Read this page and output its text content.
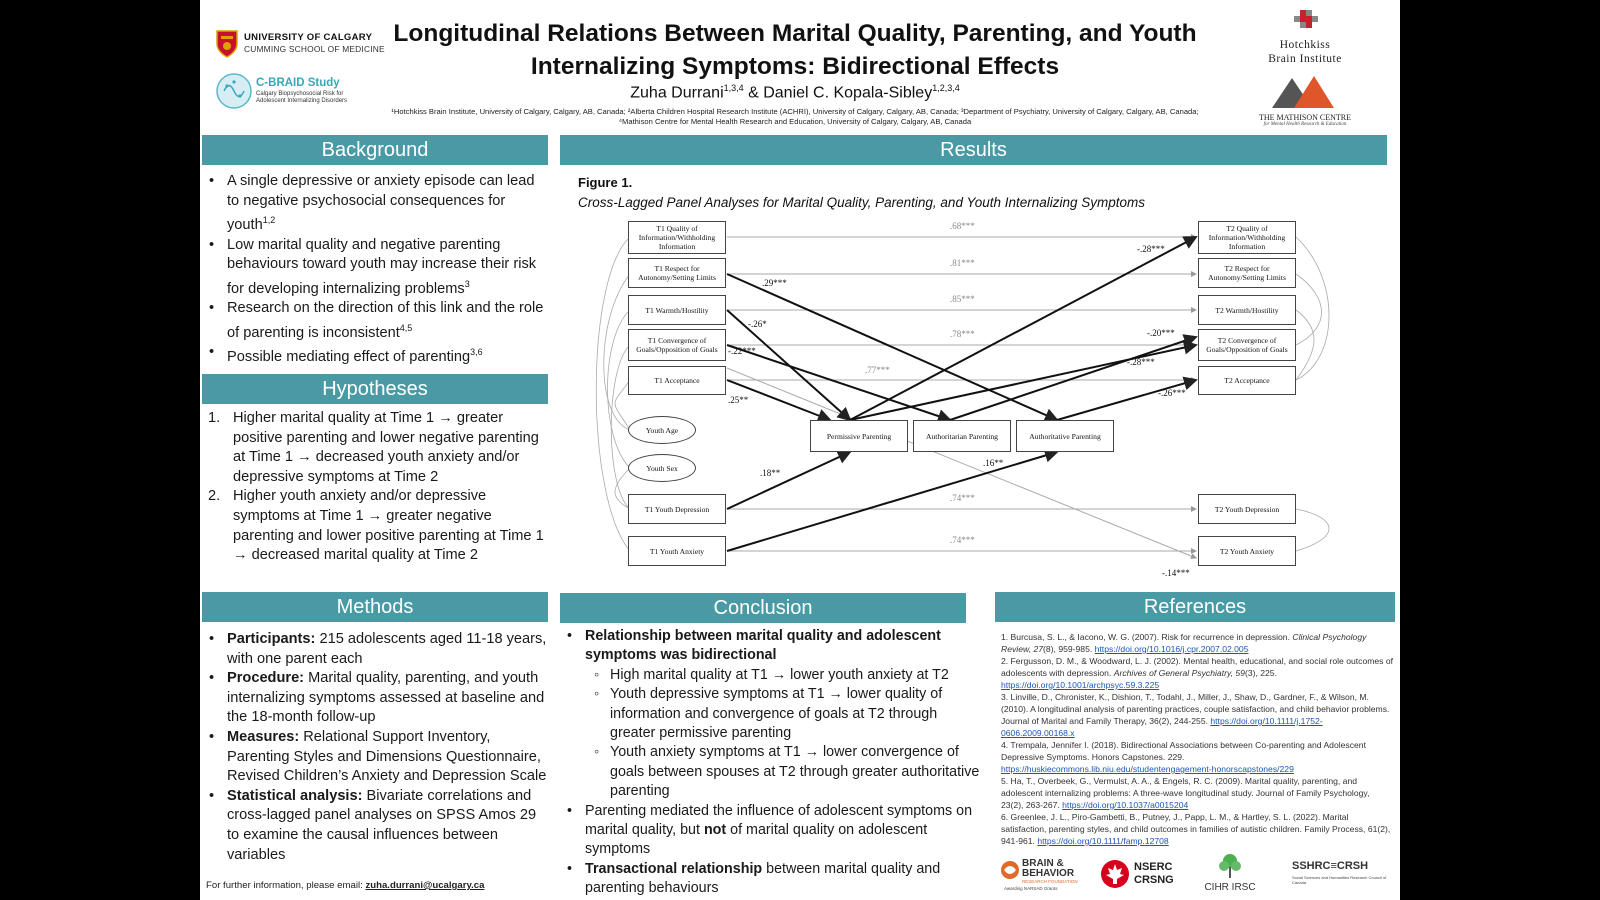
UNIVERSITY OF CALGARY
CUMMING SCHOOL OF MEDICINE
C-BRAID Study
Calgary Biopsychosocial Risk for
Adolescent Internalizing Disorders
Longitudinal Relations Between Marital Quality, Parenting, and Youth
Internalizing Symptoms: Bidirectional Effects
Zuha Durrani$^{1,3,4}$ & Daniel C. Kopala-Sibley$^{1,2,3,4}$
¹Hotchkiss Brain Institute, University of Calgary, Calgary, AB, Canada; ²Alberta Children Hospital Research Institute (ACHRI), University of Calgary, Calgary, AB, Canada; ³Department of Psychiatry, University of Calgary, Calgary, AB, Canada;
⁴Mathison Centre for Mental Health Research and Education, University of Calgary, Calgary, AB, Canada
Hotchkiss
Brain Institute
THE MATHISON CENTRE
for Mental Health Research & Education
Background
• A single depressive or anxiety episode can lead to negative psychosocial consequences for youth$^{1,2}$
• Low marital quality and negative parenting behaviours toward youth may increase their risk for developing internalizing problems$^3$
• Research on the direction of this link and the role of parenting is inconsistent$^{4,5}$
• Possible mediating effect of parenting$^{3,6}$
Hypotheses
1. Higher marital quality at Time 1 → greater positive parenting and lower negative parenting at Time 1 → decreased youth anxiety and/or depressive symptoms at Time 2
2. Higher youth anxiety and/or depressive symptoms at Time 1 → greater negative parenting and lower positive parenting at Time 1 → decreased marital quality at Time 2
Methods
• Participants: 215 adolescents aged 11-18 years, with one parent each
• Procedure: Marital quality, parenting, and youth internalizing symptoms assessed at baseline and the 18-month follow-up
• Measures: Relational Support Inventory, Parenting Styles and Dimensions Questionnaire, Revised Children’s Anxiety and Depression Scale
• Statistical analysis: Bivariate correlations and cross-lagged panel analyses on SPSS Amos 29 to examine the causal influences between variables
For further information, please email: zuha.durrani@ucalgary.ca
Results
Figure 1.
Cross-Lagged Panel Analyses for Marital Quality, Parenting, and Youth Internalizing Symptoms
T1 Quality of Information/Withholding Information
T1 Respect for Autonomy/Setting Limits
T1 Warmth/Hostility
T1 Convergence of Goals/Opposition of Goals
T1 Acceptance
T2 Quality of Information/Withholding Information
T2 Respect for Autonomy/Setting Limits
T2 Warmth/Hostility
T2 Convergence of Goals/Opposition of Goals
T2 Acceptance
Permissive Parenting	Authoritarian Parenting	Authoritative Parenting
Youth Age
Youth Sex
T1 Youth Depression
T1 Youth Anxiety
T2 Youth Depression
T2 Youth Anxiety
.68***
.81***
.85***
.78***
.77***
.74***
.74***
.29***
-.26*
-.22***
.25**
-.28***
-.20***
-.28***
-.26***
.18**
.16**
-.14***
Conclusion
• Relationship between marital quality and adolescent symptoms was bidirectional
◦ High marital quality at T1 → lower youth anxiety at T2
◦ Youth depressive symptoms at T1 → lower quality of information and convergence of goals at T2 through greater permissive parenting
◦ Youth anxiety symptoms at T1 → lower convergence of goals between spouses at T2 through greater authoritative parenting
• Parenting mediated the influence of adolescent symptoms on marital quality, but not of marital quality on adolescent symptoms
• Transactional relationship between marital quality and parenting behaviours
References
1. Burcusa, S. L., & Iacono, W. G. (2007). Risk for recurrence in depression. Clinical Psychology Review, 27(8), 959-985. https://doi.org/10.1016/j.cpr.2007.02.005
2. Fergusson, D. M., & Woodward, L. J. (2002). Mental health, educational, and social role outcomes of adolescents with depression. Archives of General Psychiatry, 59(3), 225. https://doi.org/10.1001/archpsyc.59.3.225
3. Linville, D., Chronister, K., Dishion, T., Todahl, J., Miller, J., Shaw, D., Gardner, F., & Wilson, M. (2010). A longitudinal analysis of parenting practices, couple satisfaction, and child behavior problems. Journal of Marital and Family Therapy, 36(2), 244-255. https://doi.org/10.1111/j.1752-0606.2009.00168.x
4. Trempala, Jennifer I. (2018). Bidirectional Associations between Co-parenting and Adolescent Depressive Symptoms. Honors Capstones. 229. https://huskiecommons.lib.niu.edu/studentengagement-honorscapstones/229
5. Ha, T., Overbeek, G., Vermulst, A. A., & Engels, R. C. (2009). Marital quality, parenting, and adolescent internalizing problems: A three-wave longitudinal study. Journal of Family Psychology, 23(2), 263-267. https://doi.org/10.1037/a0015204
6. Greenlee, J. L., Piro-Gambetti, B., Putney, J., Papp, L. M., & Hartley, S. L. (2022). Marital satisfaction, parenting styles, and child outcomes in families of autistic children. Family Process, 61(2), 941-961. https://doi.org/10.1111/famp.12708
BRAIN &
BEHAVIOR
RESEARCH FOUNDATION
Awarding NARSAD Grants
NSERC
CRSNG
CIHR IRSC
SSHRC≡CRSH
Social Sciences and Humanities Research Council of Canada
